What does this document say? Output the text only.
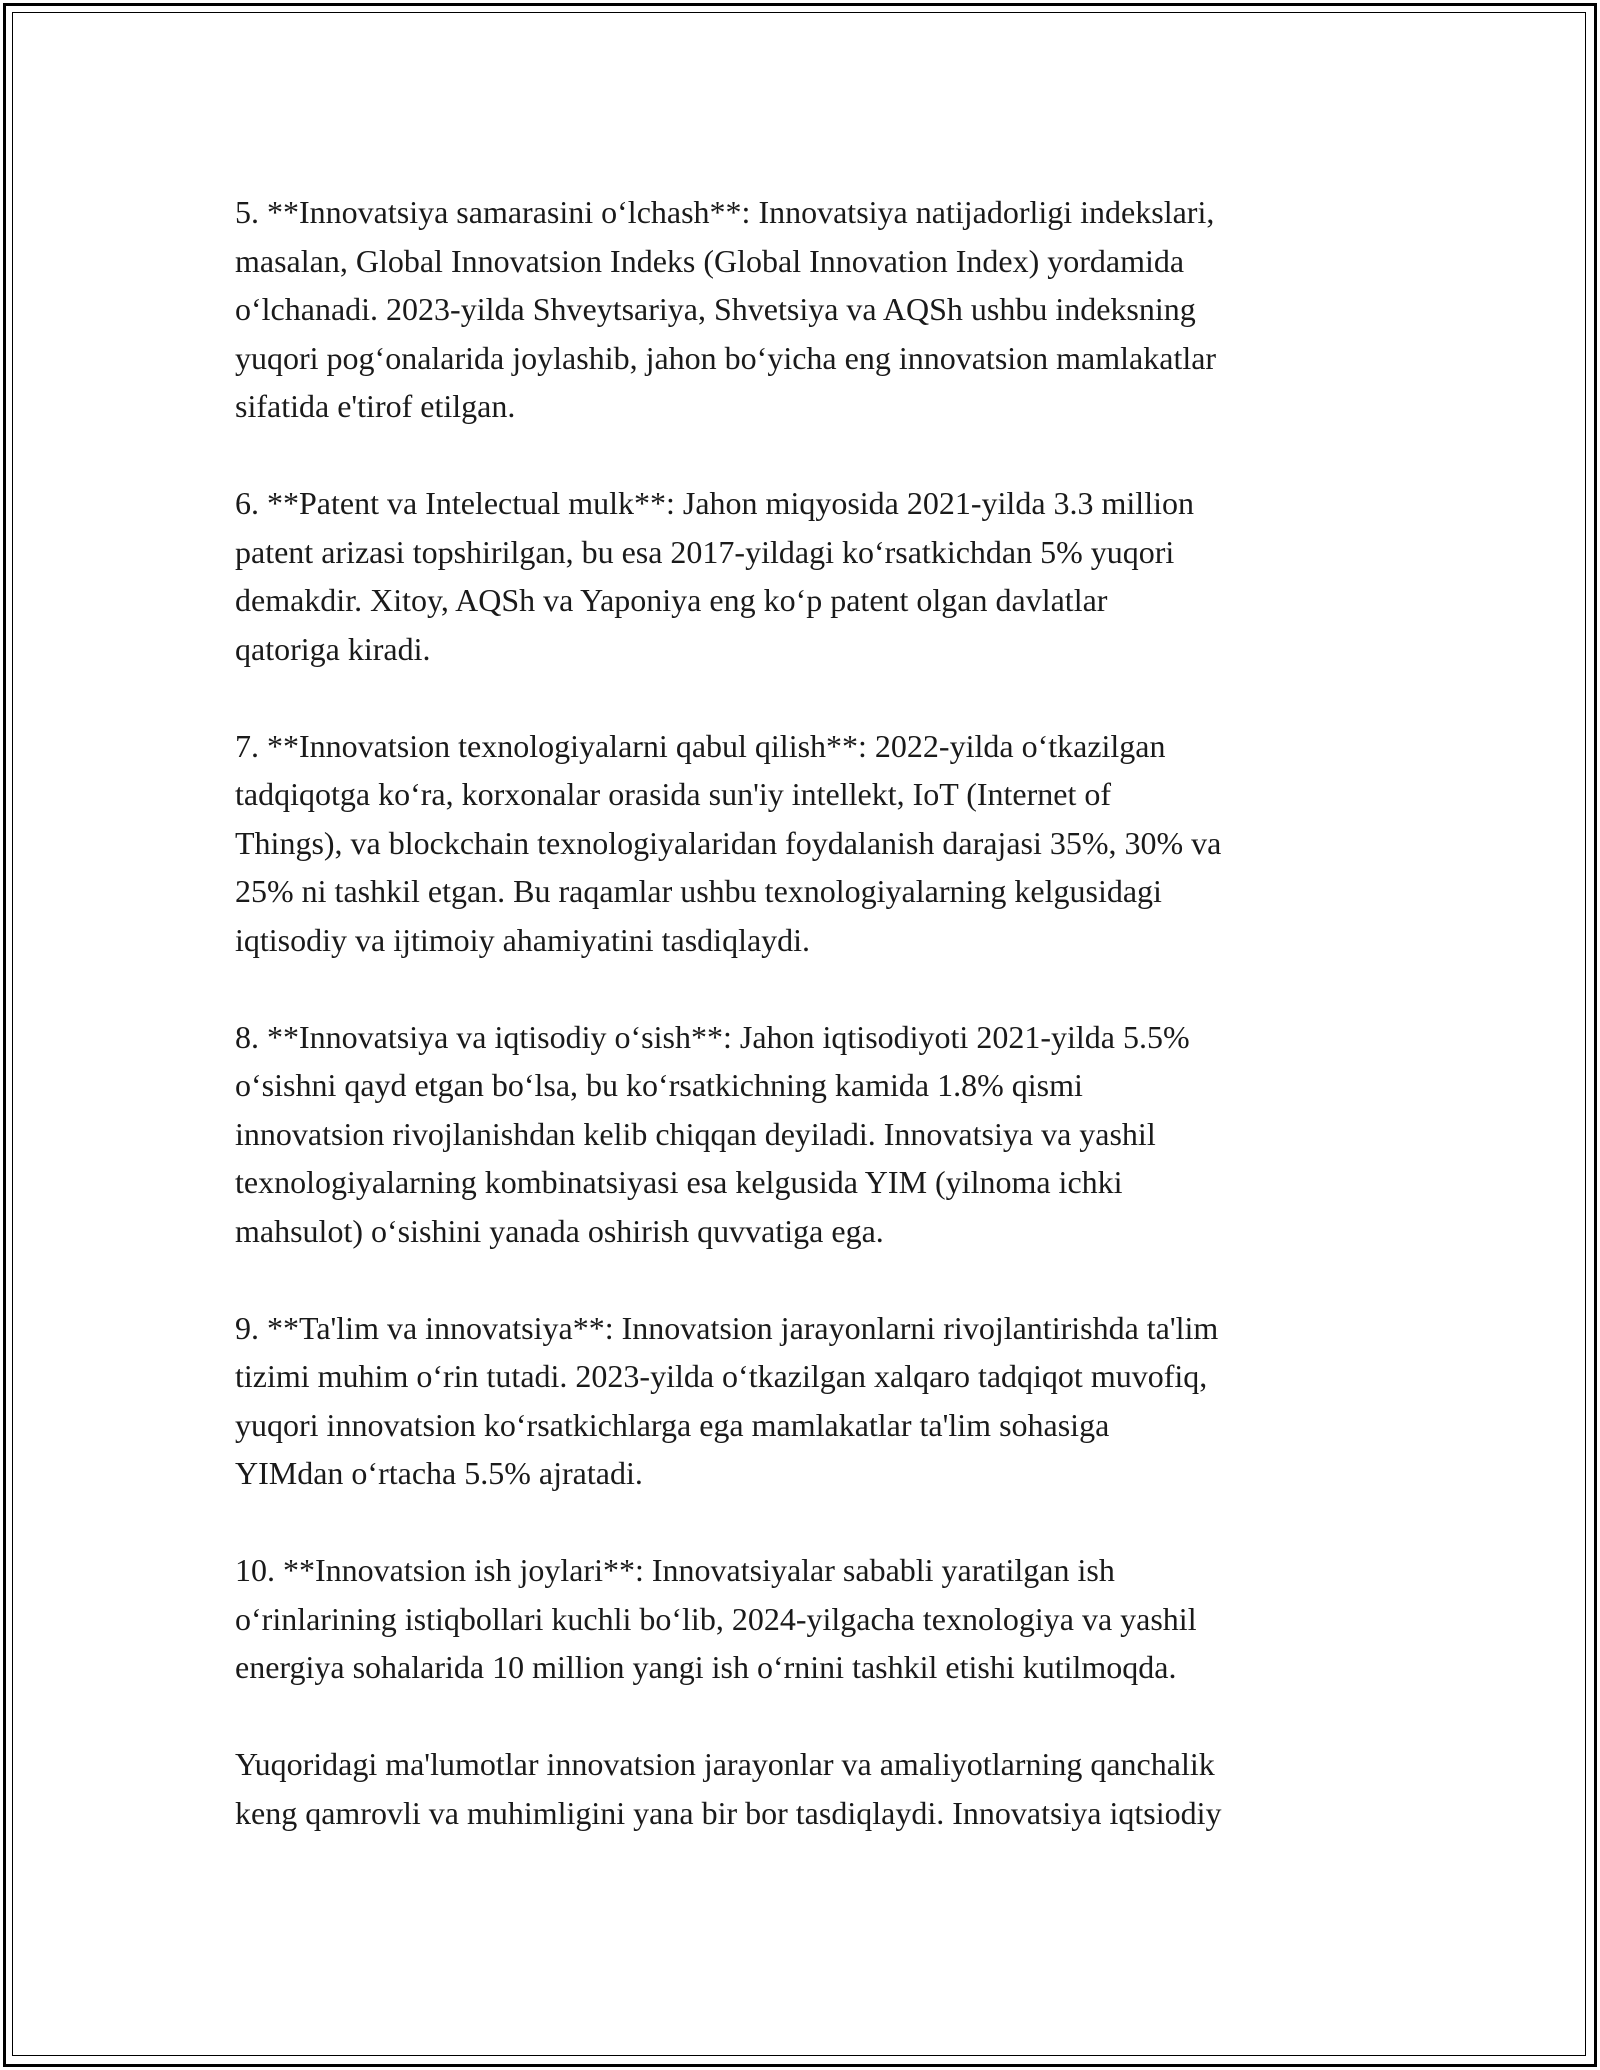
5. **Innovatsiya samarasini o‘lchash**: Innovatsiya natijadorligi indekslari,
masalan, Global Innovatsion Indeks (Global Innovation Index) yordamida
o‘lchanadi. 2023-yilda Shveytsariya, Shvetsiya va AQSh ushbu indeksning
yuqori pog‘onalarida joylashib, jahon bo‘yicha eng innovatsion mamlakatlar
sifatida e'tirof etilgan.

6. **Patent va Intelectual mulk**: Jahon miqyosida 2021-yilda 3.3 million
patent arizasi topshirilgan, bu esa 2017-yildagi ko‘rsatkichdan 5% yuqori
demakdir. Xitoy, AQSh va Yaponiya eng ko‘p patent olgan davlatlar
qatoriga kiradi.

7. **Innovatsion texnologiyalarni qabul qilish**: 2022-yilda o‘tkazilgan
tadqiqotga ko‘ra, korxonalar orasida sun'iy intellekt, IoT (Internet of
Things), va blockchain texnologiyalaridan foydalanish darajasi 35%, 30% va
25% ni tashkil etgan. Bu raqamlar ushbu texnologiyalarning kelgusidagi
iqtisodiy va ijtimoiy ahamiyatini tasdiqlaydi.

8. **Innovatsiya va iqtisodiy o‘sish**: Jahon iqtisodiyoti 2021-yilda 5.5%
o‘sishni qayd etgan bo‘lsa, bu ko‘rsatkichning kamida 1.8% qismi
innovatsion rivojlanishdan kelib chiqqan deyiladi. Innovatsiya va yashil
texnologiyalarning kombinatsiyasi esa kelgusida YIM (yilnoma ichki
mahsulot) o‘sishini yanada oshirish quvvatiga ega.

9. **Ta'lim va innovatsiya**: Innovatsion jarayonlarni rivojlantirishda ta'lim
tizimi muhim o‘rin tutadi. 2023-yilda o‘tkazilgan xalqaro tadqiqot muvofiq,
yuqori innovatsion ko‘rsatkichlarga ega mamlakatlar ta'lim sohasiga
YIMdan o‘rtacha 5.5% ajratadi.

10. **Innovatsion ish joylari**: Innovatsiyalar sababli yaratilgan ish
o‘rinlarining istiqbollari kuchli bo‘lib, 2024-yilgacha texnologiya va yashil
energiya sohalarida 10 million yangi ish o‘rnini tashkil etishi kutilmoqda.

Yuqoridagi ma'lumotlar innovatsion jarayonlar va amaliyotlarning qanchalik
keng qamrovli va muhimligini yana bir bor tasdiqlaydi. Innovatsiya iqtsiodiy
